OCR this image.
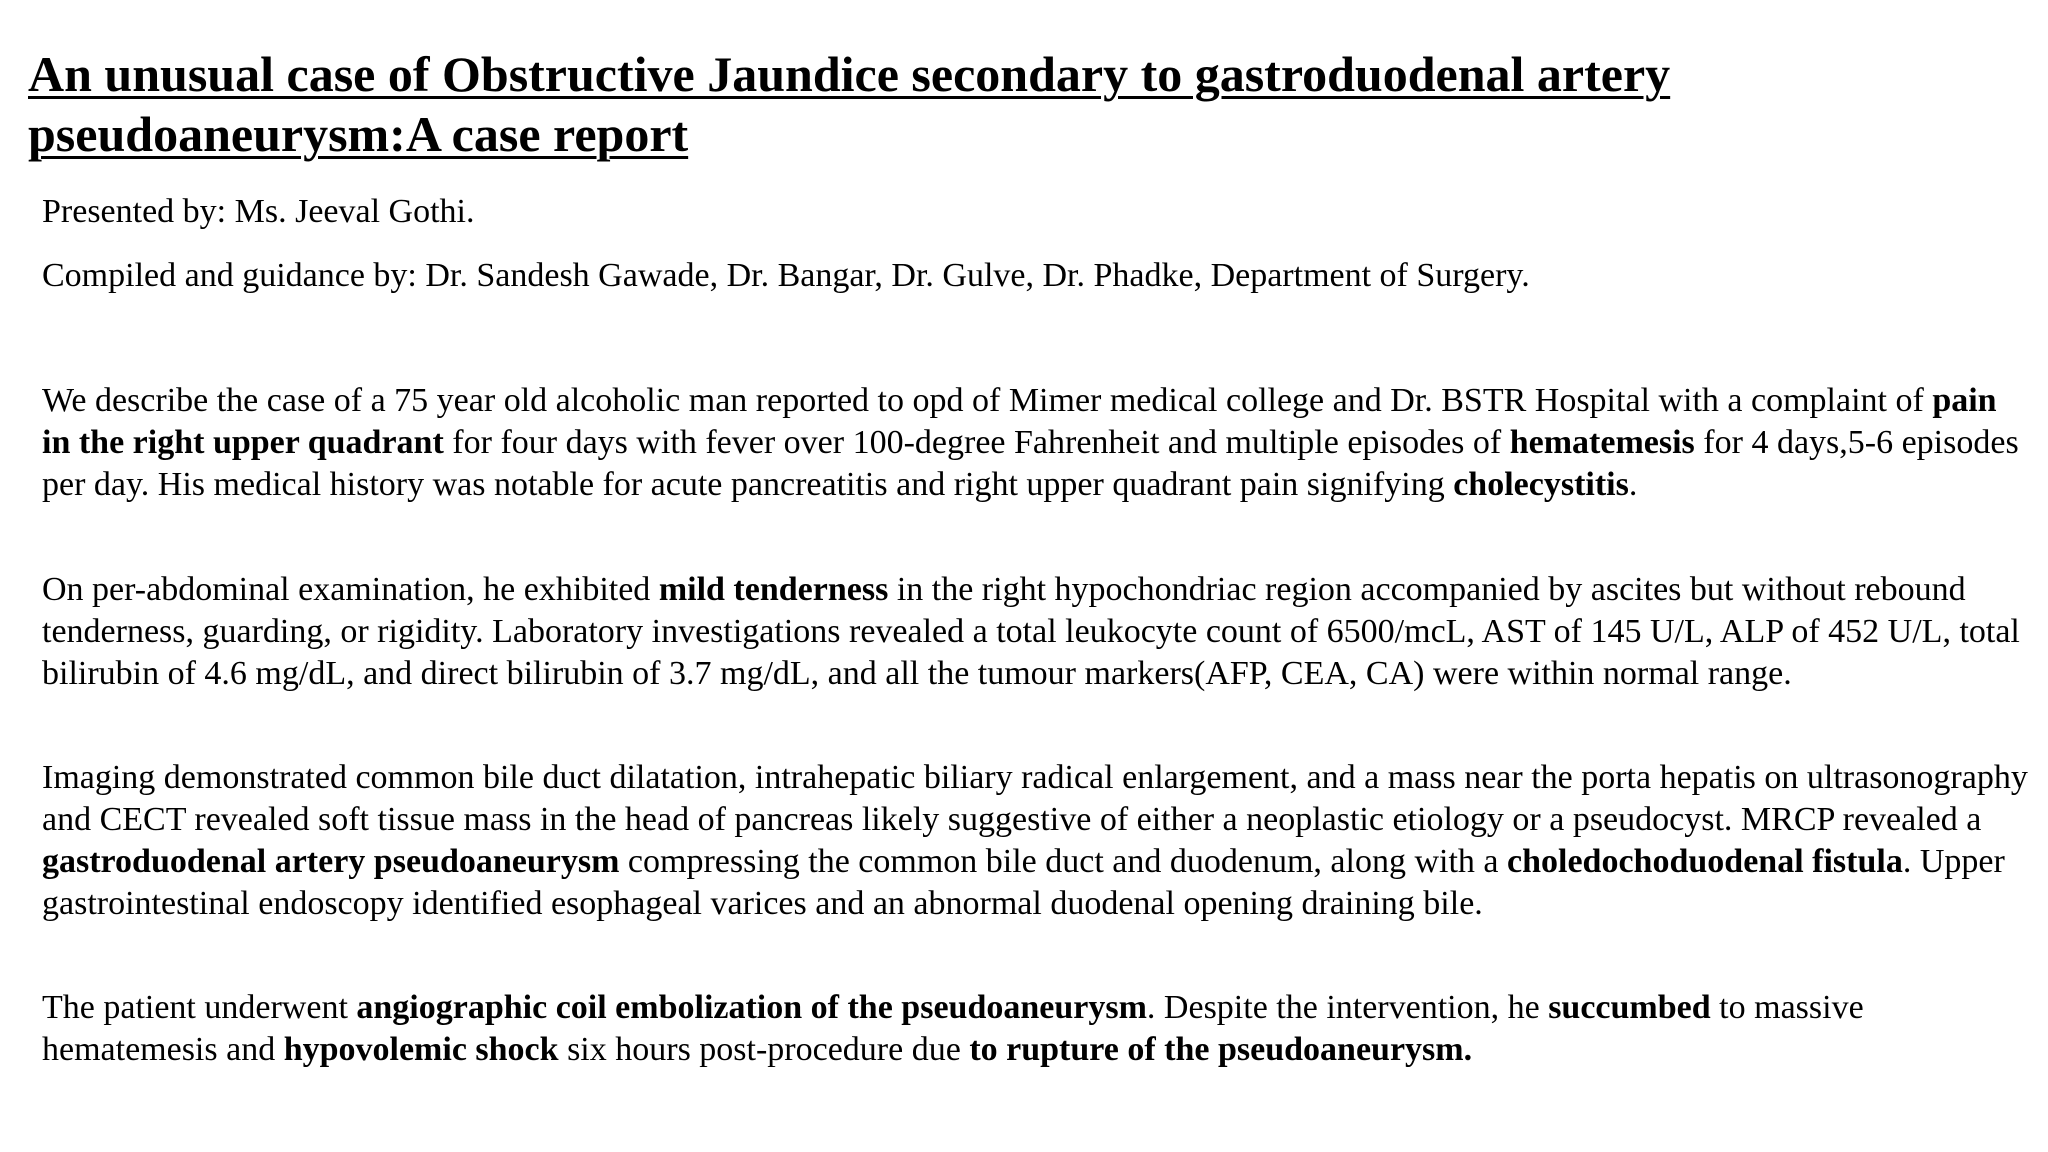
An unusual case of Obstructive Jaundice secondary to gastroduodenal artery pseudoaneurysm:A case report

Presented by: Ms. Jeeval Gothi.

Compiled and guidance by: Dr. Sandesh Gawade, Dr. Bangar, Dr. Gulve, Dr. Phadke, Department of Surgery.

We describe the case of a 75 year old alcoholic man reported to opd of Mimer medical college and Dr. BSTR Hospital with a complaint of pain in the right upper quadrant for four days with fever over 100-degree Fahrenheit and multiple episodes of hematemesis for 4 days,5-6 episodes per day. His medical history was notable for acute pancreatitis and right upper quadrant pain signifying cholecystitis.

On per-abdominal examination, he exhibited mild tenderness in the right hypochondriac region accompanied by ascites but without rebound tenderness, guarding, or rigidity. Laboratory investigations revealed a total leukocyte count of 6500/mcL, AST of 145 U/L, ALP of 452 U/L, total bilirubin of 4.6 mg/dL, and direct bilirubin of 3.7 mg/dL, and all the tumour markers(AFP, CEA, CA) were within normal range.

Imaging demonstrated common bile duct dilatation, intrahepatic biliary radical enlargement, and a mass near the porta hepatis on ultrasonography and CECT revealed soft tissue mass in the head of pancreas likely suggestive of either a neoplastic etiology or a pseudocyst. MRCP revealed a gastroduodenal artery pseudoaneurysm compressing the common bile duct and duodenum, along with a choledochoduodenal fistula. Upper gastrointestinal endoscopy identified esophageal varices and an abnormal duodenal opening draining bile.

The patient underwent angiographic coil embolization of the pseudoaneurysm. Despite the intervention, he succumbed to massive hematemesis and hypovolemic shock six hours post-procedure due to rupture of the pseudoaneurysm.
